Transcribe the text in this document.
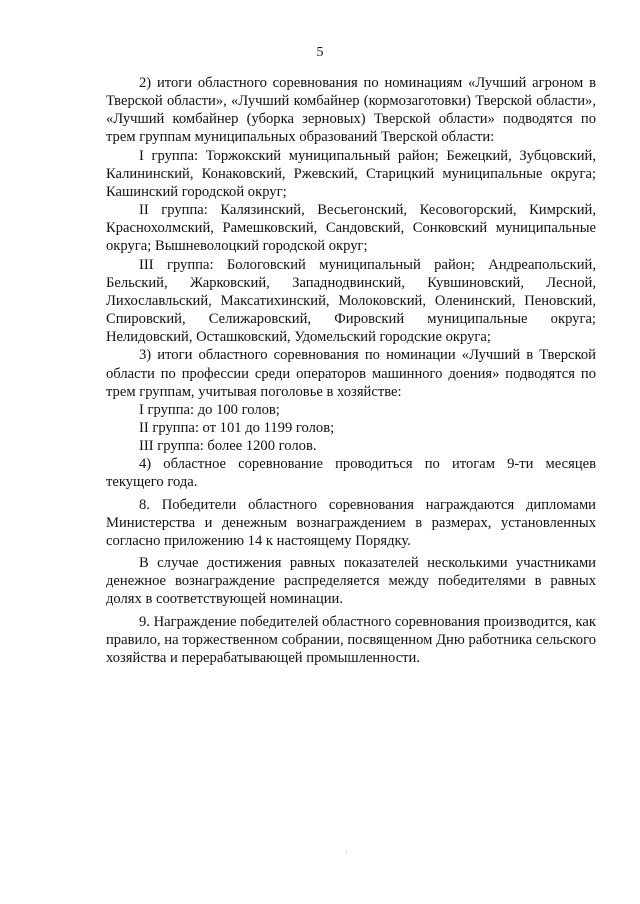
5

2) итоги областного соревнования по номинациям «Лучший агроном в Тверской области», «Лучший комбайнер (кормозаготовки) Тверской области», «Лучший комбайнер (уборка зерновых) Тверской области» подводятся по трем группам муниципальных образований Тверской области:

I группа: Торжокский муниципальный район; Бежецкий, Зубцовский, Калининский, Конаковский, Ржевский, Старицкий муниципальные округа; Кашинский городской округ;

II группа: Калязинский, Весьегонский, Кесовогорский, Кимрский, Краснохолмский, Рамешковский, Сандовский, Сонковский муниципальные округа; Вышневолоцкий городской округ;

III группа: Бологовский муниципальный район; Андреапольский, Бельский, Жарковский, Западнодвинский, Кувшиновский, Лесной, Лихославльский, Максатихинский, Молоковский, Оленинский, Пеновский, Спировский, Селижаровский, Фировский муниципальные округа; Нелидовский, Осташковский, Удомельский городские округа;

3) итоги областного соревнования по номинации «Лучший в Тверской области по профессии среди операторов машинного доения» подводятся по трем группам, учитывая поголовье в хозяйстве:

I группа: до 100 голов;

II группа: от 101 до 1199 голов;

III группа: более 1200 голов.

4) областное соревнование проводиться по итогам 9-ти месяцев текущего года.

8. Победители областного соревнования награждаются дипломами Министерства и денежным вознаграждением в размерах, установленных согласно приложению 14 к настоящему Порядку.

В случае достижения равных показателей несколькими участниками денежное вознаграждение распределяется между победителями в равных долях в соответствующей номинации.

9. Награждение победителей областного соревнования производится, как правило, на торжественном собрании, посвященном Дню работника сельского хозяйства и перерабатывающей промышленности.

·
